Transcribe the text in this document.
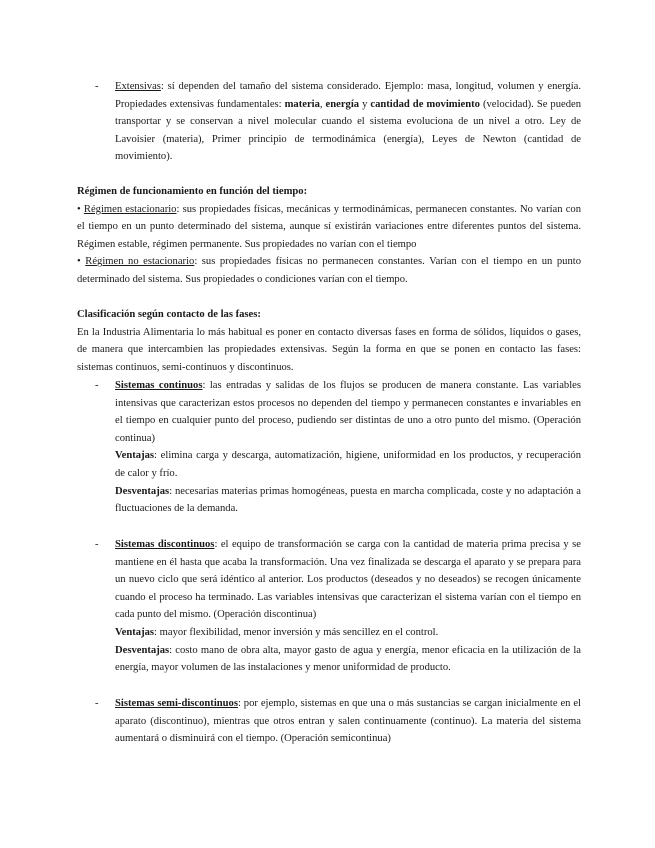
- Extensivas: sí dependen del tamaño del sistema considerado. Ejemplo: masa, longitud, volumen y energía. Propiedades extensivas fundamentales: materia, energía y cantidad de movimiento (velocidad). Se pueden transportar y se conservan a nivel molecular cuando el sistema evoluciona de un nivel a otro. Ley de Lavoisier (materia), Primer principio de termodinámica (energía), Leyes de Newton (cantidad de movimiento).
Régimen de funcionamiento en función del tiempo:
• Régimen estacionario: sus propiedades físicas, mecánicas y termodinámicas, permanecen constantes. No varían con el tiempo en un punto determinado del sistema, aunque sí existirán variaciones entre diferentes puntos del sistema. Régimen estable, régimen permanente. Sus propiedades no varían con el tiempo
• Régimen no estacionario: sus propiedades físicas no permanecen constantes. Varían con el tiempo en un punto determinado del sistema. Sus propiedades o condiciones varían con el tiempo.
Clasificación según contacto de las fases:
En la Industria Alimentaria lo más habitual es poner en contacto diversas fases en forma de sólidos, líquidos o gases, de manera que intercambien las propiedades extensivas. Según la forma en que se ponen en contacto las fases: sistemas continuos, semi-continuos y discontinuos.
- Sistemas continuos: las entradas y salidas de los flujos se producen de manera constante. Las variables intensivas que caracterizan estos procesos no dependen del tiempo y permanecen constantes e invariables en el tiempo en cualquier punto del proceso, pudiendo ser distintas de uno a otro punto del mismo. (Operación continua)
Ventajas: elimina carga y descarga, automatización, higiene, uniformidad en los productos, y recuperación de calor y frío.
Desventajas: necesarias materias primas homogéneas, puesta en marcha complicada, coste y no adaptación a fluctuaciones de la demanda.
- Sistemas discontinuos: el equipo de transformación se carga con la cantidad de materia prima precisa y se mantiene en él hasta que acaba la transformación. Una vez finalizada se descarga el aparato y se prepara para un nuevo ciclo que será idéntico al anterior. Los productos (deseados y no deseados) se recogen únicamente cuando el proceso ha terminado. Las variables intensivas que caracterizan el sistema varían con el tiempo en cada punto del mismo. (Operación discontinua)
Ventajas: mayor flexibilidad, menor inversión y más sencillez en el control.
Desventajas: costo mano de obra alta, mayor gasto de agua y energía, menor eficacia en la utilización de la energía, mayor volumen de las instalaciones y menor uniformidad de producto.
- Sistemas semi-discontinuos: por ejemplo, sistemas en que una o más sustancias se cargan inicialmente en el aparato (discontinuo), mientras que otros entran y salen continuamente (continuo). La materia del sistema aumentará o disminuirá con el tiempo. (Operación semicontinua)
